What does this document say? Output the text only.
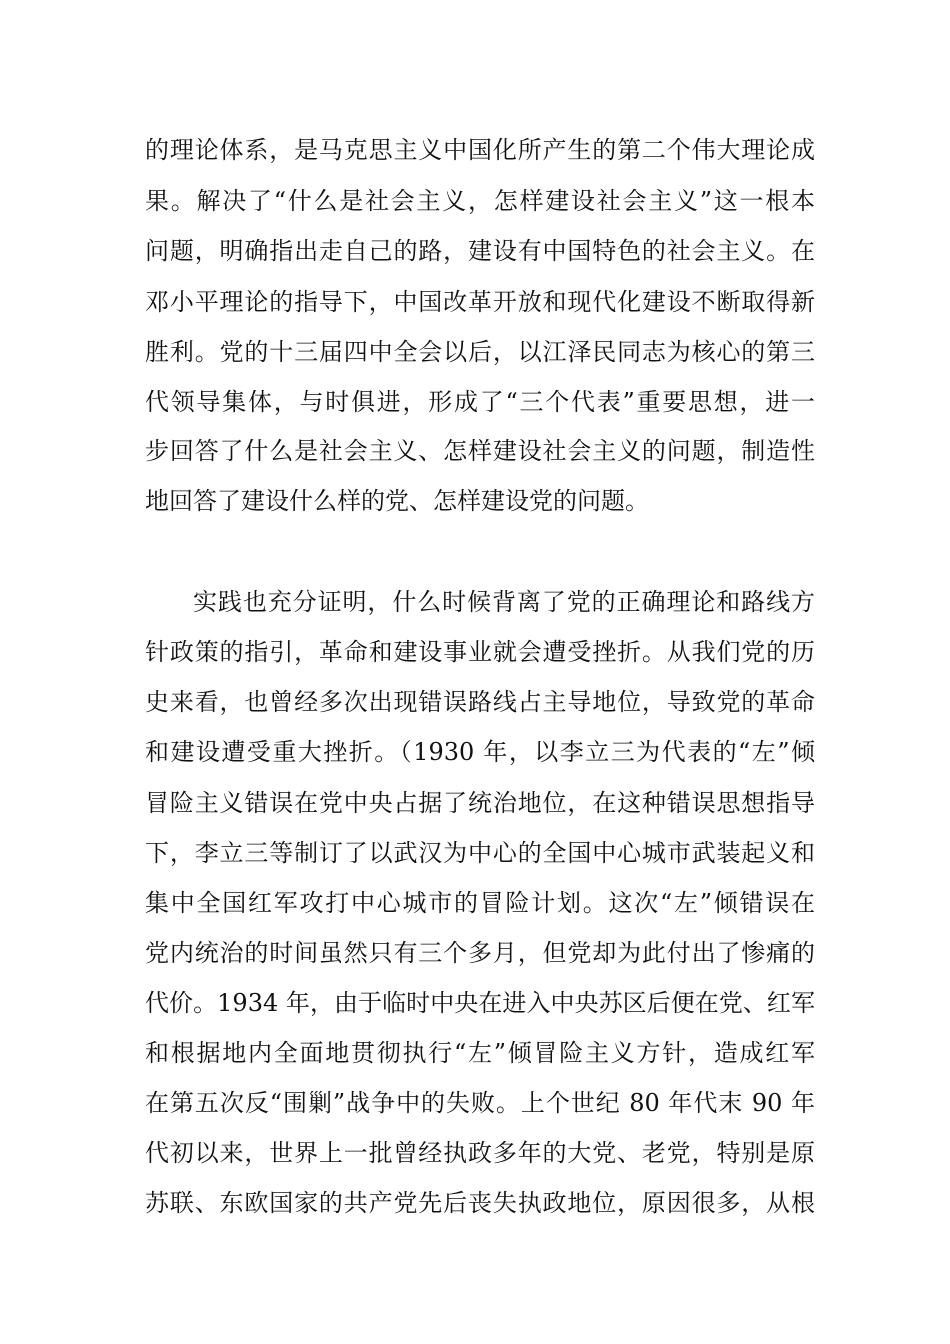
的理论体系，是马克思主义中国化所产生的第二个伟大理论成
果。解决了“什么是社会主义，怎样建设社会主义”这一根本
问题，明确指出走自己的路，建设有中国特色的社会主义。在
邓小平理论的指导下，中国改革开放和现代化建设不断取得新
胜利。党的十三届四中全会以后，以江泽民同志为核心的第三
代领导集体，与时俱进，形成了“三个代表”重要思想，进一
步回答了什么是社会主义、怎样建设社会主义的问题，制造性
地回答了建设什么样的党、怎样建设党的问题。
实践也充分证明，什么时候背离了党的正确理论和路线方
针政策的指引，革命和建设事业就会遭受挫折。从我们党的历
史来看，也曾经多次出现错误路线占主导地位，导致党的革命
和建设遭受重大挫折。（1930 年，以李立三为代表的“左”倾
冒险主义错误在党中央占据了统治地位，在这种错误思想指导
下，李立三等制订了以武汉为中心的全国中心城市武装起义和
集中全国红军攻打中心城市的冒险计划。这次“左”倾错误在
党内统治的时间虽然只有三个多月，但党却为此付出了惨痛的
代价。1934 年，由于临时中央在进入中央苏区后便在党、红军
和根据地内全面地贯彻执行“左”倾冒险主义方针，造成红军
在第五次反“围剿”战争中的失败。上个世纪 80 年代末 90 年
代初以来，世界上一批曾经执政多年的大党、老党，特别是原
苏联、东欧国家的共产党先后丧失执政地位，原因很多，从根
